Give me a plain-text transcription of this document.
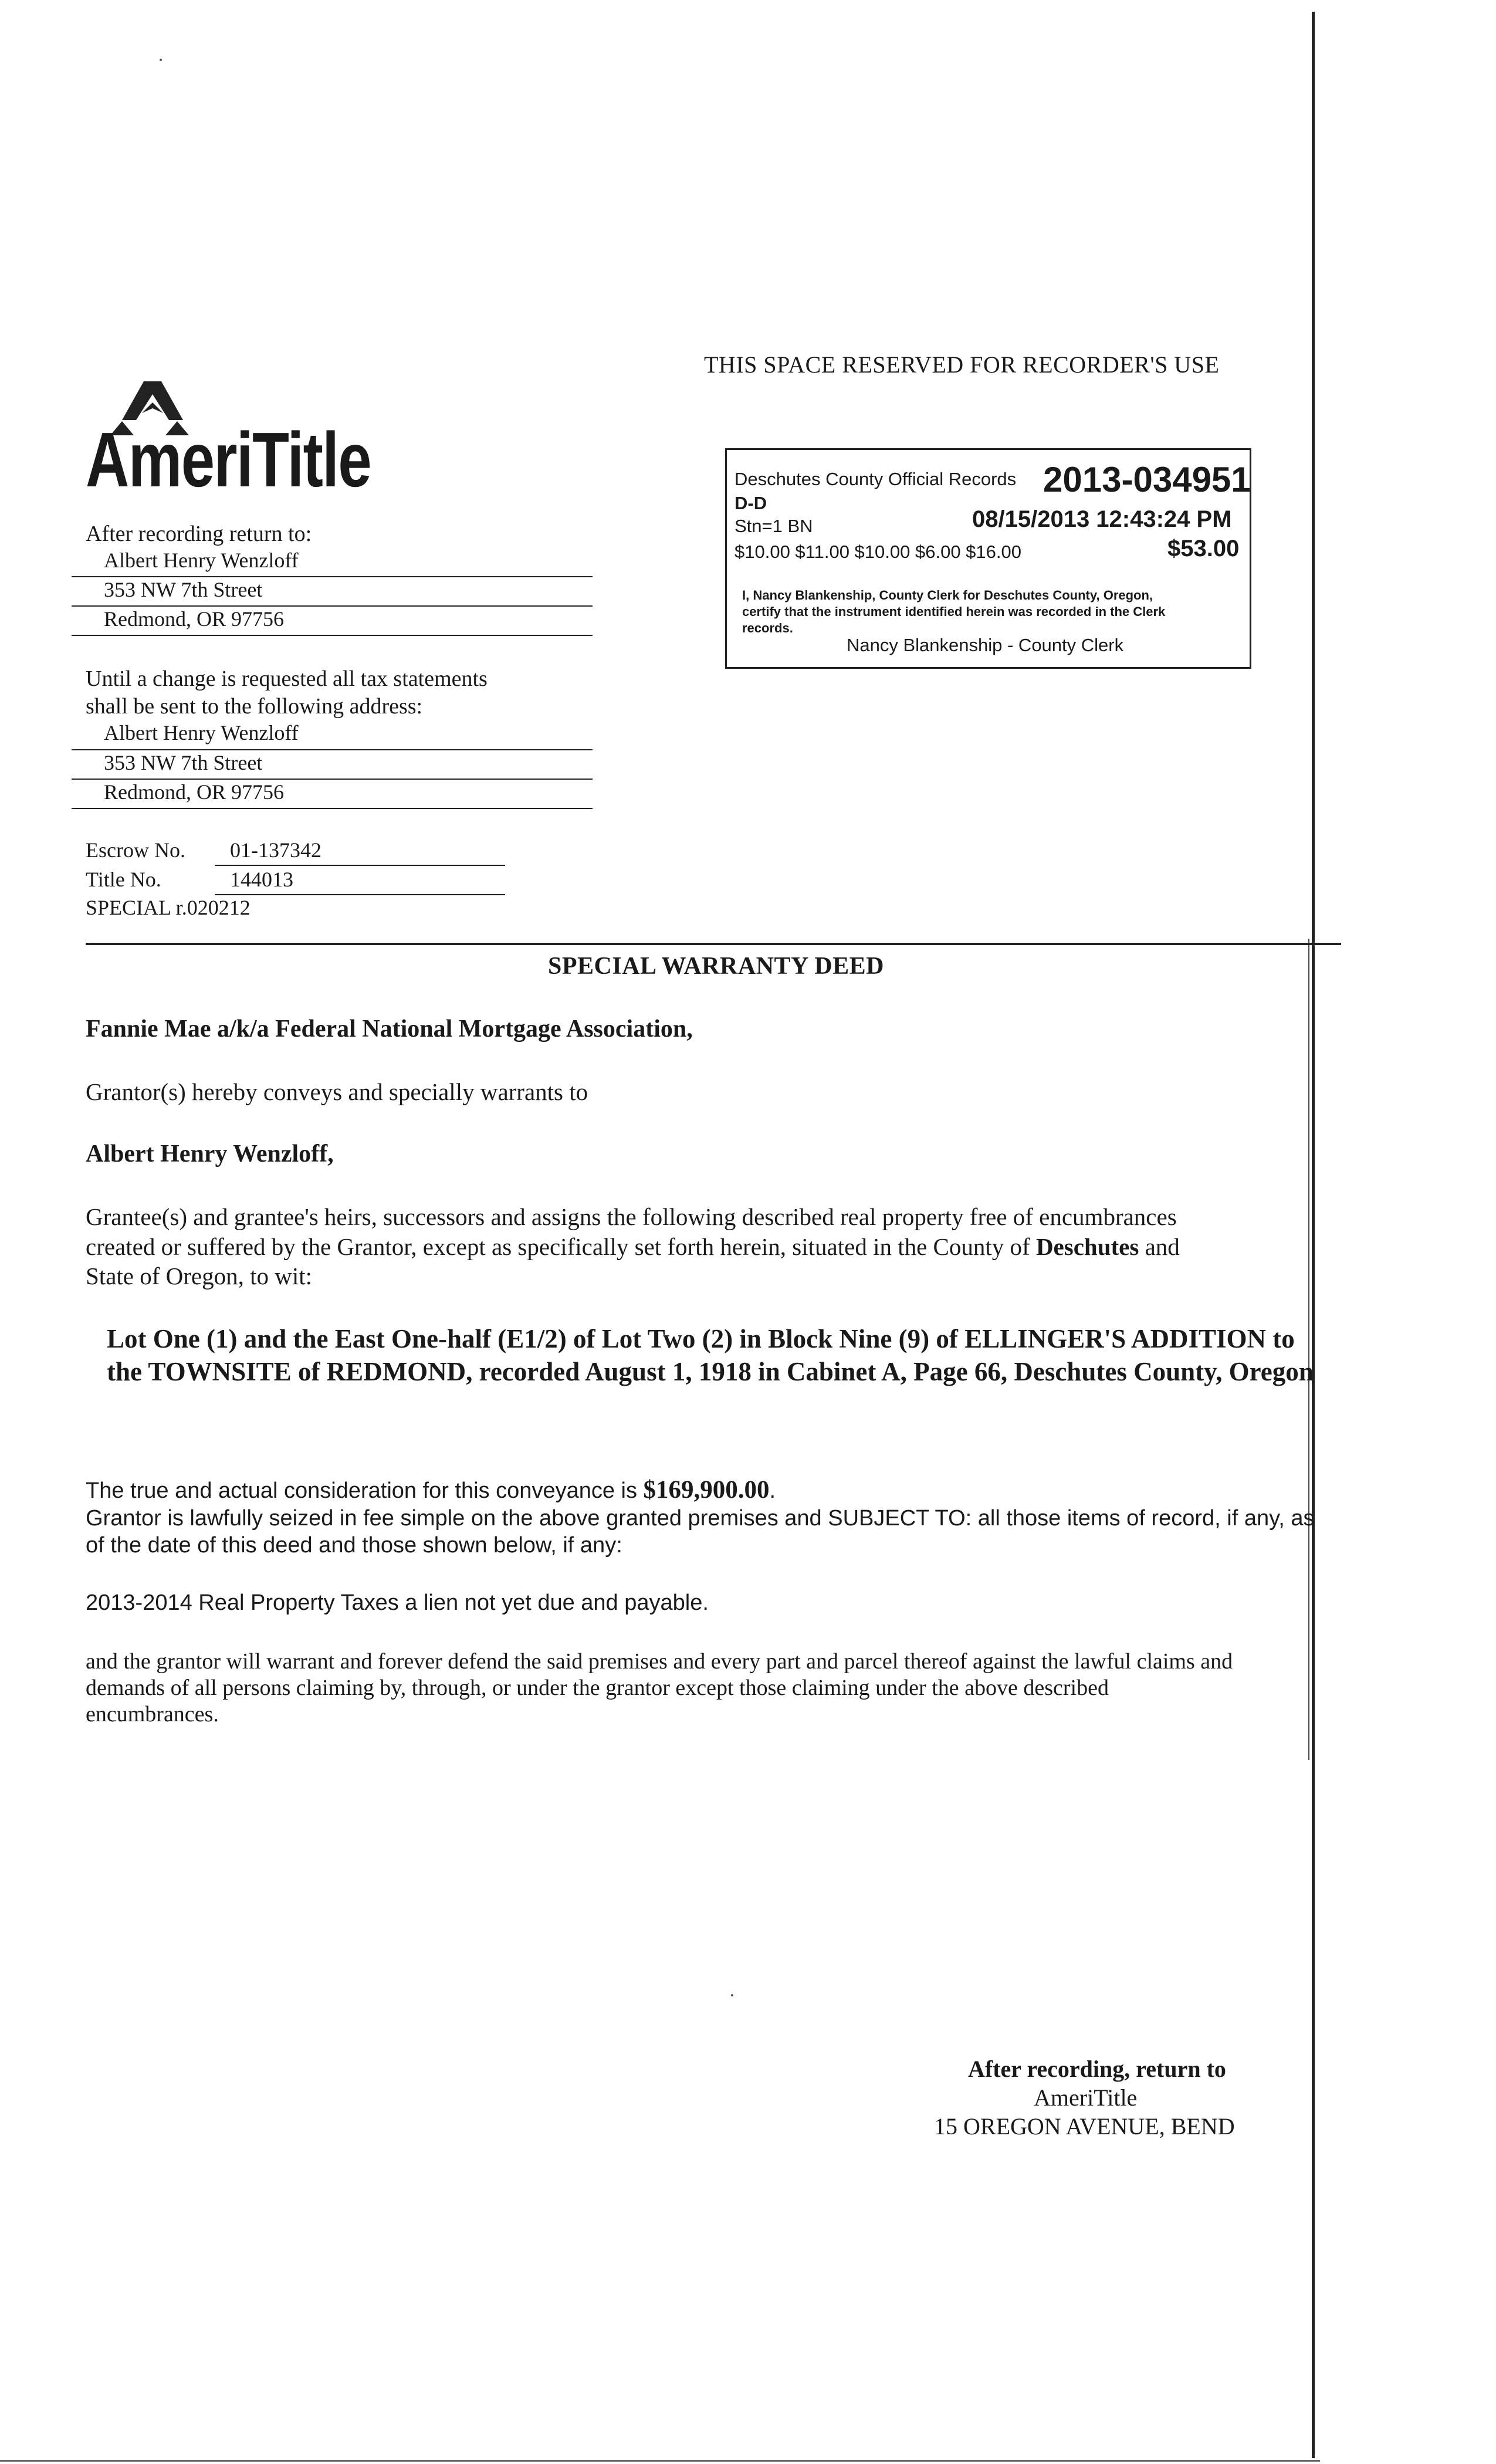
THIS SPACE RESERVED FOR RECORDER'S USE
Deschutes County Official Records 2013-034951
D-D
Stn=1 BN	08/15/2013 12:43:24 PM
$10.00 $11.00 $10.00 $6.00 $16.00	$53.00
I, Nancy Blankenship, County Clerk for Deschutes County, Oregon,
certify that the instrument identified herein was recorded in the Clerk
records.
Nancy Blankenship - County Clerk
AmeriTitle
After recording return to:
Albert Henry Wenzloff
353 NW 7th Street
Redmond, OR 97756
Until a change is requested all tax statements
shall be sent to the following address:
Albert Henry Wenzloff
353 NW 7th Street
Redmond, OR 97756
Escrow No. 01-137342
Title No.	144013
SPECIAL r.020212
SPECIAL WARRANTY DEED
Fannie Mae a/k/a Federal National Mortgage Association,
Grantor(s) hereby conveys and specially warrants to
Albert Henry Wenzloff,
Grantee(s) and grantee's heirs, successors and assigns the following described real property free of encumbrances
created or suffered by the Grantor, except as specifically set forth herein, situated in the County of Deschutes and
State of Oregon, to wit:
Lot One (1) and the East One-half (E1/2) of Lot Two (2) in Block Nine (9) of ELLINGER'S ADDITION to
the TOWNSITE of REDMOND, recorded August 1, 1918 in Cabinet A, Page 66, Deschutes County, Oregon
The true and actual consideration for this conveyance is $169,900.00.
Grantor is lawfully seized in fee simple on the above granted premises and SUBJECT TO: all those items of record, if any, as
of the date of this deed and those shown below, if any:
2013-2014 Real Property Taxes a lien not yet due and payable.
and the grantor will warrant and forever defend the said premises and every part and parcel thereof against the lawful claims and
demands of all persons claiming by, through, or under the grantor except those claiming under the above described
encumbrances.
After recording, return to
AmeriTitle
15 OREGON AVENUE, BEND
